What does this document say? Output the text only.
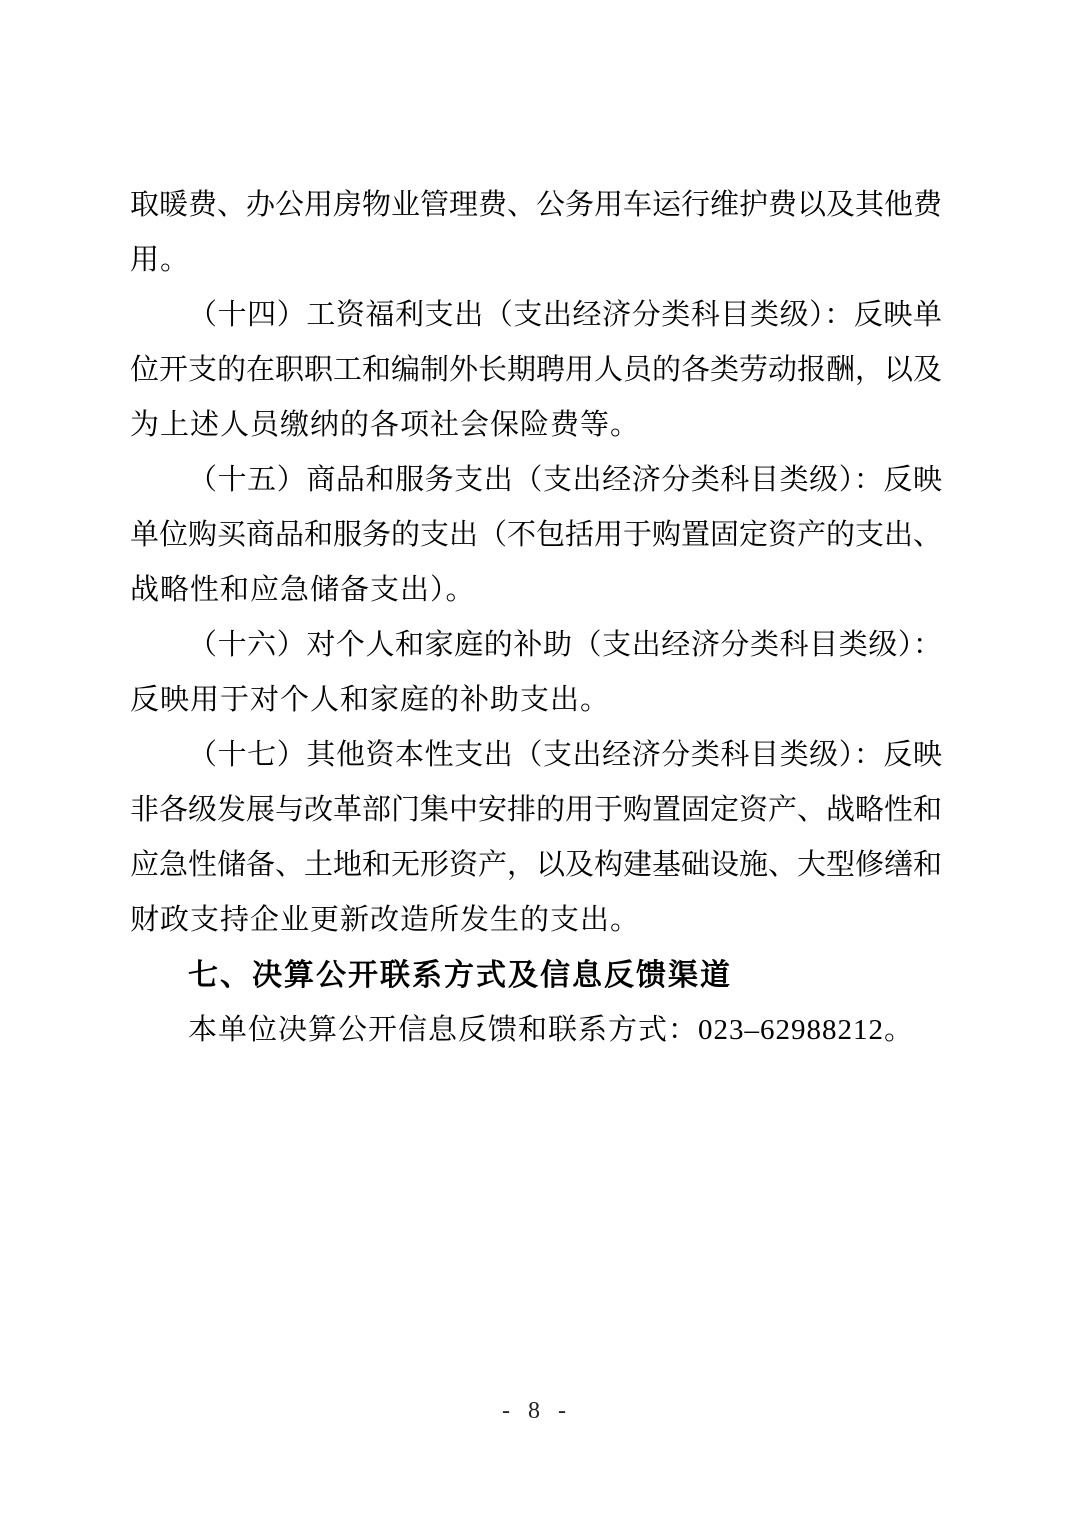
取暖费、办公用房物业管理费、公务用车运行维护费以及其他费
用。
（十四）工资福利支出（支出经济分类科目类级）：反映单
位开支的在职职工和编制外长期聘用人员的各类劳动报酬，以及
为上述人员缴纳的各项社会保险费等。
（十五）商品和服务支出（支出经济分类科目类级）：反映
单位购买商品和服务的支出（不包括用于购置固定资产的支出、
战略性和应急储备支出）。
（十六）对个人和家庭的补助（支出经济分类科目类级）：
反映用于对个人和家庭的补助支出。
（十七）其他资本性支出（支出经济分类科目类级）：反映
非各级发展与改革部门集中安排的用于购置固定资产、战略性和
应急性储备、土地和无形资产，以及构建基础设施、大型修缮和
财政支持企业更新改造所发生的支出。
七、决算公开联系方式及信息反馈渠道
本单位决算公开信息反馈和联系方式：023–62988212。
- 8 -
